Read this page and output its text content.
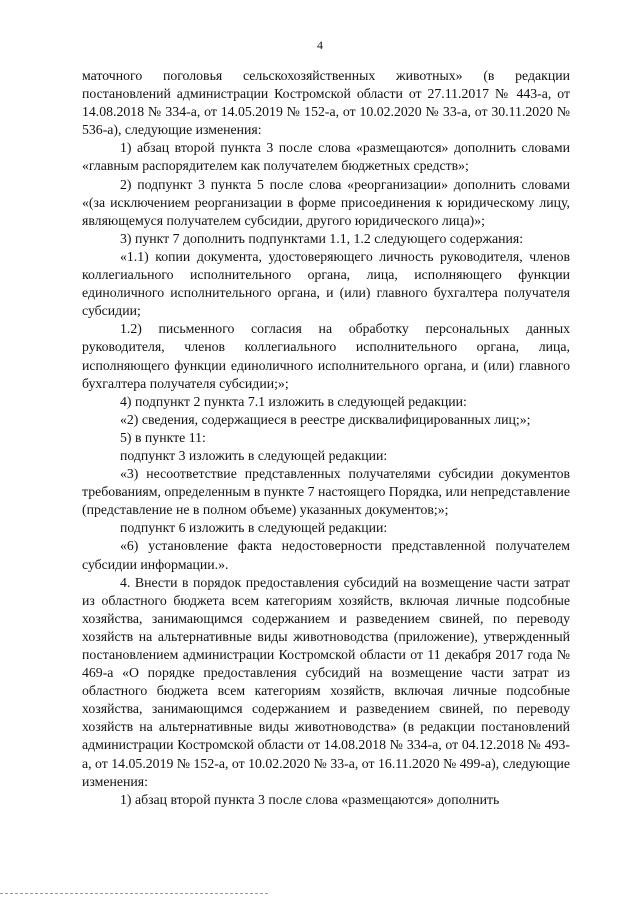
4

маточного поголовья сельскохозяйственных животных» (в редакции постановлений администрации Костромской области от 27.11.2017 № 443-а, от 14.08.2018 № 334-а, от 14.05.2019 № 152-а, от 10.02.2020 № 33-а, от 30.11.2020 № 536-а), следующие изменения:

1) абзац второй пункта 3 после слова «размещаются» дополнить словами «главным распорядителем как получателем бюджетных средств»;

2) подпункт 3 пункта 5 после слова «реорганизации» дополнить словами «(за исключением реорганизации в форме присоединения к юридическому лицу, являющемуся получателем субсидии, другого юридического лица)»;

3) пункт 7 дополнить подпунктами 1.1, 1.2 следующего содержания:

«1.1) копии документа, удостоверяющего личность руководителя, членов коллегиального исполнительного органа, лица, исполняющего функции единоличного исполнительного органа, и (или) главного бухгалтера получателя субсидии;

1.2) письменного согласия на обработку персональных данных руководителя, членов коллегиального исполнительного органа, лица, исполняющего функции единоличного исполнительного органа, и (или) главного бухгалтера получателя субсидии;»;

4) подпункт 2 пункта 7.1 изложить в следующей редакции:

«2) сведения, содержащиеся в реестре дисквалифицированных лиц;»;

5) в пункте 11:

подпункт 3 изложить в следующей редакции:

«3) несоответствие представленных получателями субсидии документов требованиям, определенным в пункте 7 настоящего Порядка, или непредставление (представление не в полном объеме) указанных документов;»;

подпункт 6 изложить в следующей редакции:

«6) установление факта недостоверности представленной получателем субсидии информации.».

4. Внести в порядок предоставления субсидий на возмещение части затрат из областного бюджета всем категориям хозяйств, включая личные подсобные хозяйства, занимающимся содержанием и разведением свиней, по переводу хозяйств на альтернативные виды животноводства (приложение), утвержденный постановлением администрации Костромской области от 11 декабря 2017 года № 469-а «О порядке предоставления субсидий на возмещение части затрат из областного бюджета всем категориям хозяйств, включая личные подсобные хозяйства, занимающимся содержанием и разведением свиней, по переводу хозяйств на альтернативные виды животноводства» (в редакции постановлений администрации Костромской области от 14.08.2018 № 334-а, от 04.12.2018 № 493-а, от 14.05.2019 № 152-а, от 10.02.2020 № 33-а, от 16.11.2020 № 499-а), следующие изменения:

1) абзац второй пункта 3 после слова «размещаются» дополнить
